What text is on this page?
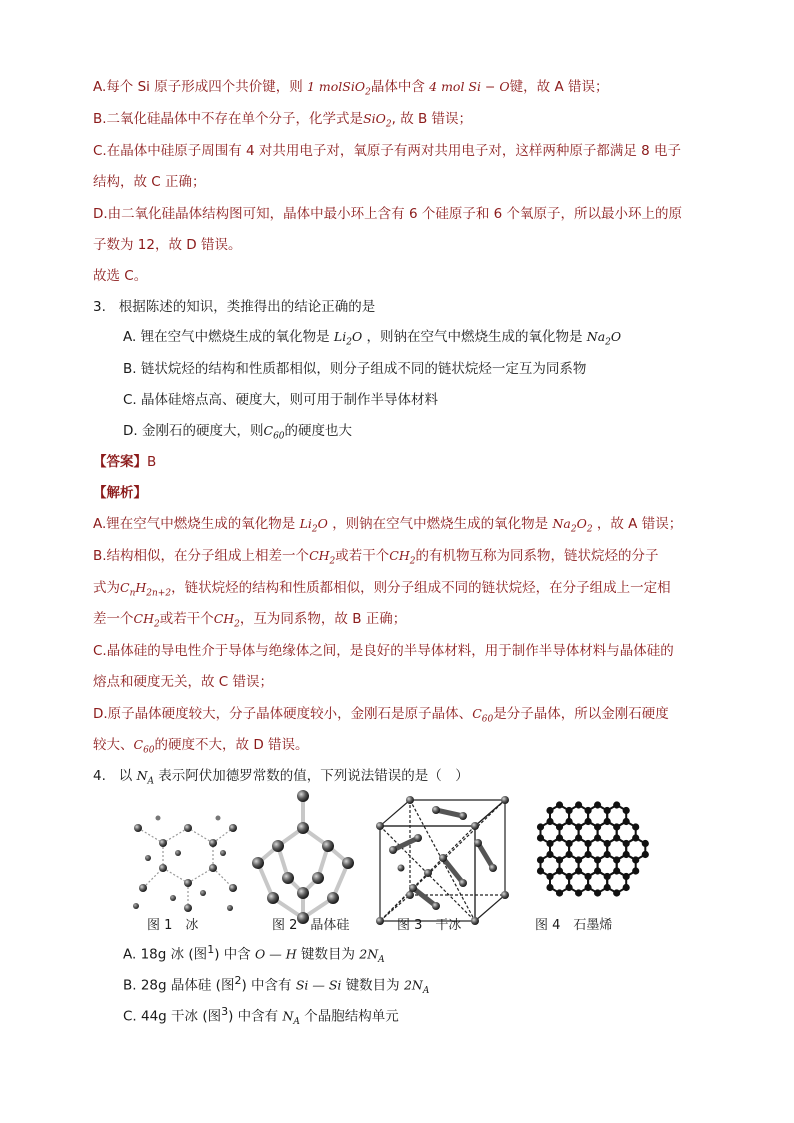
A.每个 Si 原子形成四个共价键，则 1 molSiO$_2$晶体中含 4 mol Si − O键，故 A 错误；
B.二氧化硅晶体中不存在单个分子，化学式是SiO$_2$, 故 B 错误；
C.在晶体中硅原子周围有 4 对共用电子对，氧原子有两对共用电子对，这样两种原子都满足 8 电子
结构，故 C 正确；
D.由二氧化硅晶体结构图可知，晶体中最小环上含有 6 个硅原子和 6 个氧原子，所以最小环上的原
子数为 12，故 D 错误。
故选 C。
3. 根据陈述的知识，类推得出的结论正确的是
A. 锂在空气中燃烧生成的氧化物是 $Li_2O$ ，则钠在空气中燃烧生成的氧化物是 $Na_2O$
B. 链状烷烃的结构和性质都相似，则分子组成不同的链状烷烃一定互为同系物
C. 晶体硅熔点高、硬度大，则可用于制作半导体材料
D. 金刚石的硬度大，则$C_{60}$的硬度也大
【答案】B
【解析】
A.锂在空气中燃烧生成的氧化物是 $Li_2O$ ，则钠在空气中燃烧生成的氧化物是 $Na_2O_2$ ，故 A 错误；
B.结构相似，在分子组成上相差一个$CH_2$或若干个$CH_2$的有机物互称为同系物，链状烷烃的分子
式为$C_nH_{2n+2}$，链状烷烃的结构和性质都相似，则分子组成不同的链状烷烃，在分子组成上一定相
差一个$CH_2$或若干个$CH_2$，互为同系物，故 B 正确；
C.晶体硅的导电性介于导体与绝缘体之间，是良好的半导体材料，用于制作半导体材料与晶体硅的
熔点和硬度无关，故 C 错误；
D.原子晶体硬度较大，分子晶体硬度较小，金刚石是原子晶体、$C_{60}$是分子晶体，所以金刚石硬度
较大、$C_{60}$的硬度不大，故 D 错误。
4. 以 $N_A$ 表示阿伏加德罗常数的值，下列说法错误的是（　）
图 1　冰	图 2　晶体硅	图 3　干冰	图 4　石墨烯
A. 18g 冰 (图$^1$) 中含 O — H 键数目为 $2N_A$
B. 28g 晶体硅 (图$^2$) 中含有 Si — Si 键数目为 $2N_A$
C. 44g 干冰 (图$^3$) 中含有 $N_A$ 个晶胞结构单元
